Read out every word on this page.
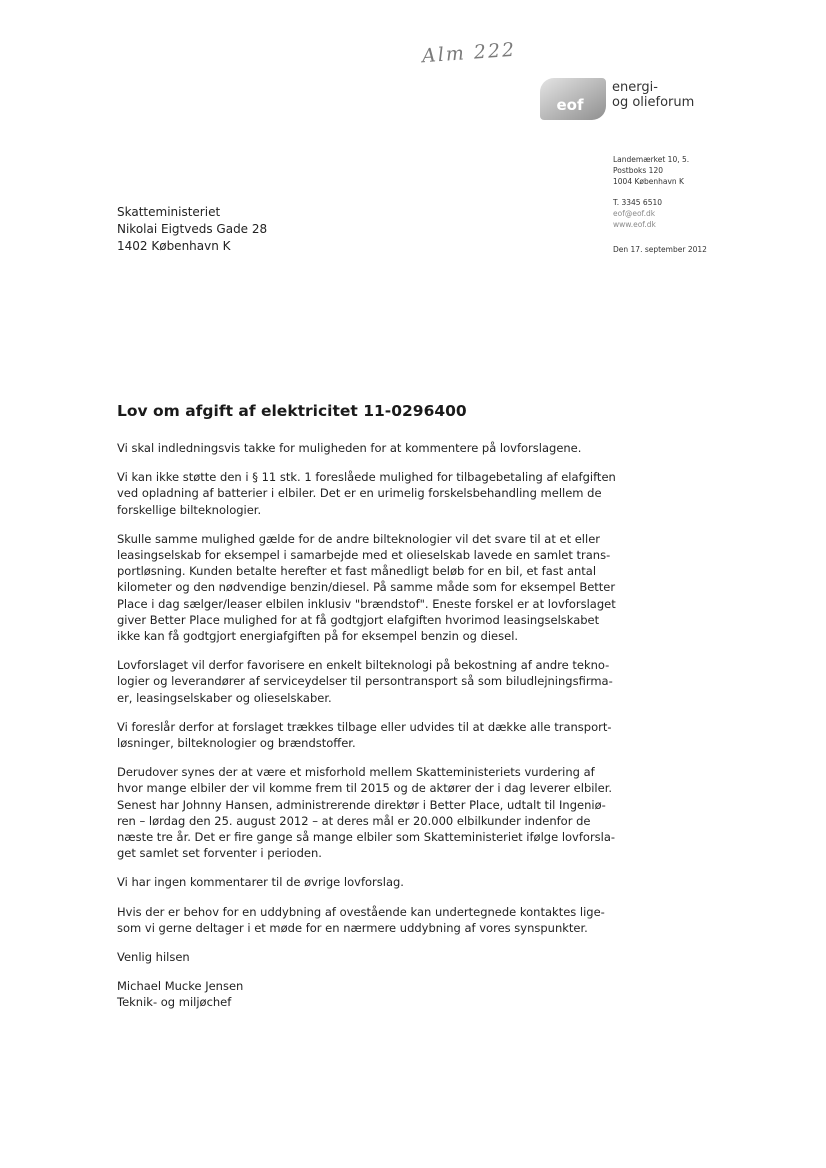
Alm 222
eof
energi-
og olieforum
Landemærket 10, 5.
Postboks 120
1004 København K
T. 3345 6510
eof@eof.dk
www.eof.dk
Den 17. september 2012
Skatteministeriet
Nikolai Eigtveds Gade 28
1402 København K
Lov om afgift af elektricitet 11-0296400

Vi skal indledningsvis takke for muligheden for at kommentere på lovforslagene.

Vi kan ikke støtte den i § 11 stk. 1 foreslåede mulighed for tilbagebetaling af elafgiften
ved opladning af batterier i elbiler. Det er en urimelig forskelsbehandling mellem de
forskellige bilteknologier.

Skulle samme mulighed gælde for de andre bilteknologier vil det svare til at et eller
leasingselskab for eksempel i samarbejde med et olieselskab lavede en samlet trans-
portløsning. Kunden betalte herefter et fast månedligt beløb for en bil, et fast antal
kilometer og den nødvendige benzin/diesel. På samme måde som for eksempel Better
Place i dag sælger/leaser elbilen inklusiv "brændstof". Eneste forskel er at lovforslaget
giver Better Place mulighed for at få godtgjort elafgiften hvorimod leasingselskabet
ikke kan få godtgjort energiafgiften på for eksempel benzin og diesel.

Lovforslaget vil derfor favorisere en enkelt bilteknologi på bekostning af andre tekno-
logier og leverandører af serviceydelser til persontransport så som biludlejningsfirma-
er, leasingselskaber og olieselskaber.

Vi foreslår derfor at forslaget trækkes tilbage eller udvides til at dække alle transport-
løsninger, bilteknologier og brændstoffer.

Derudover synes der at være et misforhold mellem Skatteministeriets vurdering af
hvor mange elbiler der vil komme frem til 2015 og de aktører der i dag leverer elbiler.
Senest har Johnny Hansen, administrerende direktør i Better Place, udtalt til Ingeniø-
ren – lørdag den 25. august 2012 – at deres mål er 20.000 elbilkunder indenfor de
næste tre år. Det er fire gange så mange elbiler som Skatteministeriet ifølge lovforsla-
get samlet set forventer i perioden.

Vi har ingen kommentarer til de øvrige lovforslag.

Hvis der er behov for en uddybning af ovestående kan undertegnede kontaktes lige-
som vi gerne deltager i et møde for en nærmere uddybning af vores synspunkter.

Venlig hilsen

Michael Mucke Jensen
Teknik- og miljøchef
